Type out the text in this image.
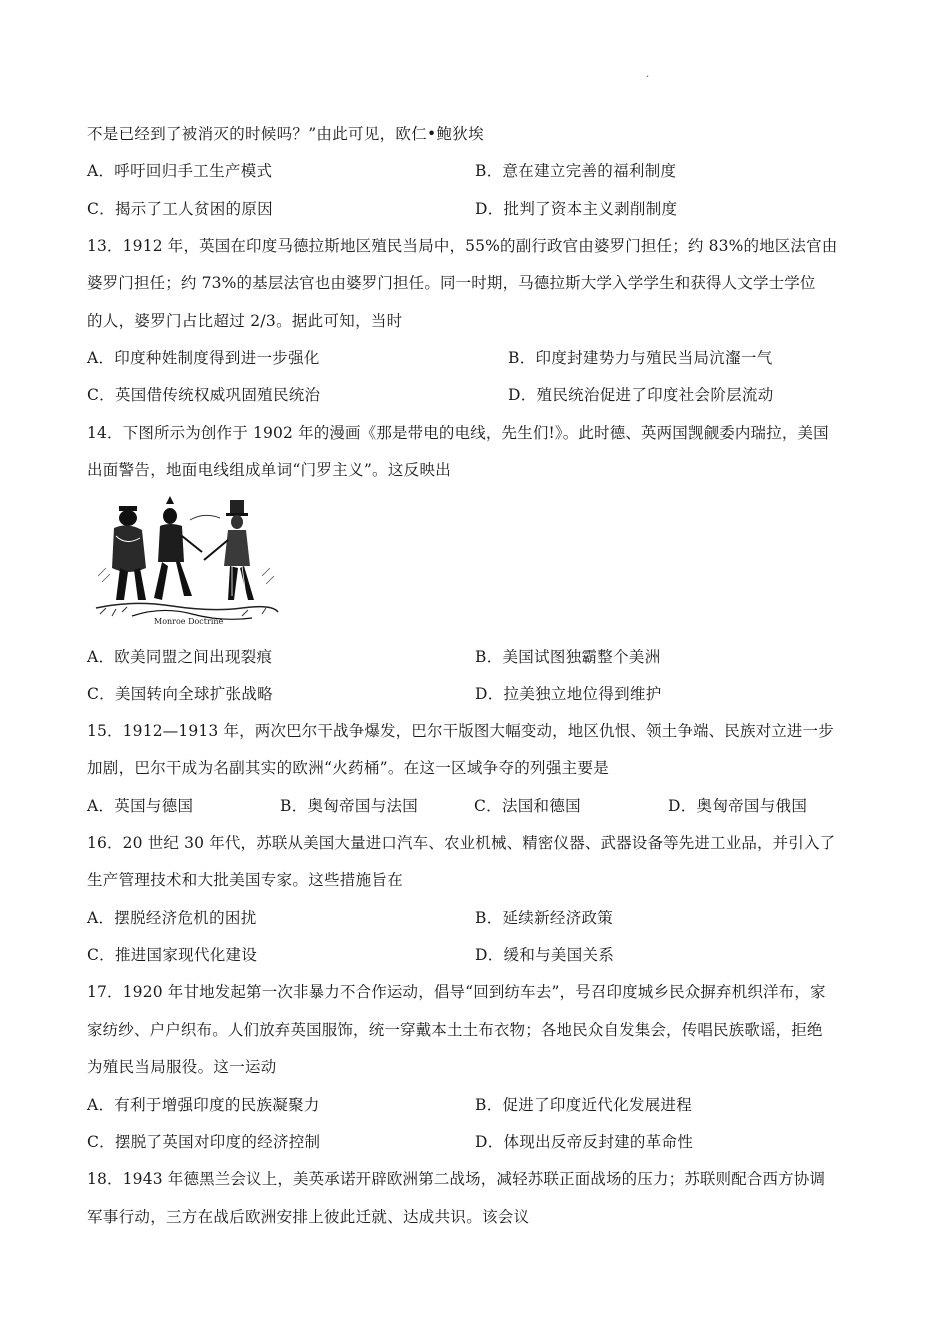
·
不是已经到了被消灭的时候吗？”由此可见，欧仁•鲍狄埃
A．呼吁回归手工生产模式	B．意在建立完善的福利制度
C．揭示了工人贫困的原因	D．批判了资本主义剥削制度
13．1912 年，英国在印度马德拉斯地区殖民当局中，55%的副行政官由婆罗门担任；约 83%的地区法官由
婆罗门担任；约 73%的基层法官也由婆罗门担任。同一时期，马德拉斯大学入学学生和获得人文学士学位
的人，婆罗门占比超过 2/3。据此可知，当时
A．印度种姓制度得到进一步强化	B．印度封建势力与殖民当局沆瀣一气
C．英国借传统权威巩固殖民统治	D．殖民统治促进了印度社会阶层流动
14．下图所示为创作于 1902 年的漫画《那是带电的电线，先生们!》。此时德、英两国觊觎委内瑞拉，美国
出面警告，地面电线组成单词“门罗主义”。这反映出
Monroe Doctrine
A．欧美同盟之间出现裂痕	B．美国试图独霸整个美洲
C．美国转向全球扩张战略	D．拉美独立地位得到维护
15．1912—1913 年，两次巴尔干战争爆发，巴尔干版图大幅变动，地区仇恨、领土争端、民族对立进一步
加剧，巴尔干成为名副其实的欧洲“火药桶”。在这一区域争夺的列强主要是
A．英国与德国	B．奥匈帝国与法国	C．法国和德国	D．奥匈帝国与俄国
16．20 世纪 30 年代，苏联从美国大量进口汽车、农业机械、精密仪器、武器设备等先进工业品，并引入了
生产管理技术和大批美国专家。这些措施旨在
A．摆脱经济危机的困扰	B．延续新经济政策
C．推进国家现代化建设	D．缓和与美国关系
17．1920 年甘地发起第一次非暴力不合作运动，倡导“回到纺车去”，号召印度城乡民众摒弃机织洋布，家
家纺纱、户户织布。人们放弃英国服饰，统一穿戴本土土布衣物；各地民众自发集会，传唱民族歌谣，拒绝
为殖民当局服役。这一运动
A．有利于增强印度的民族凝聚力	B．促进了印度近代化发展进程
C．摆脱了英国对印度的经济控制	D．体现出反帝反封建的革命性
18．1943 年德黑兰会议上，美英承诺开辟欧洲第二战场，减轻苏联正面战场的压力；苏联则配合西方协调
军事行动，三方在战后欧洲安排上彼此迁就、达成共识。该会议
